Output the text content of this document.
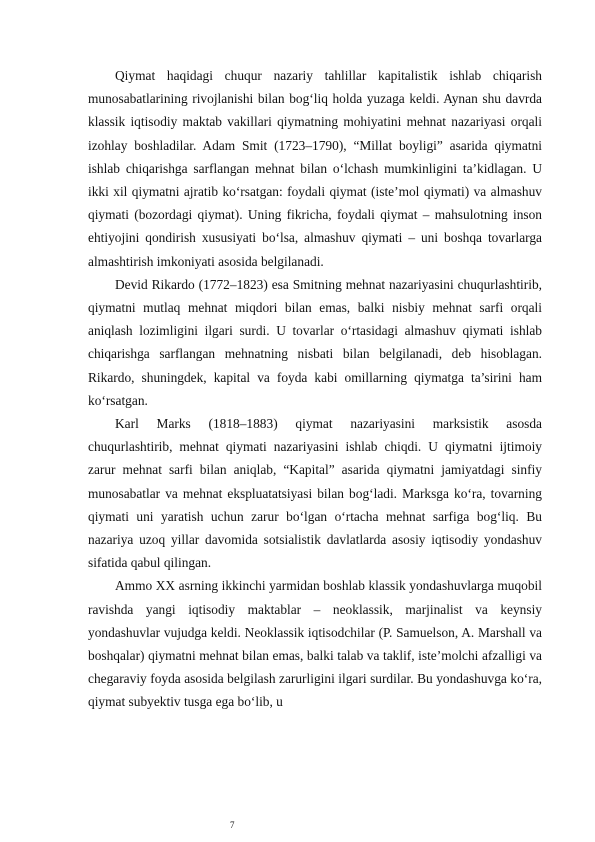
Qiymat haqidagi chuqur nazariy tahlillar kapitalistik ishlab chiqarish munosabatlarining rivojlanishi bilan bog‘liq holda yuzaga keldi. Aynan shu davrda klassik iqtisodiy maktab vakillari qiymatning mohiyatini mehnat nazariyasi orqali izohlay boshladilar. Adam Smit (1723–1790), “Millat boyligi” asarida qiymatni ishlab chiqarishga sarflangan mehnat bilan o‘lchash mumkinligini ta’kidlagan. U ikki xil qiymatni ajratib ko‘rsatgan: foydali qiymat (iste’mol qiymati) va almashuv qiymati (bozordagi qiymat). Uning fikricha, foydali qiymat – mahsulotning inson ehtiyojini qondirish xususiyati bo‘lsa, almashuv qiymati – uni boshqa tovarlarga almashtirish imkoniyati asosida belgilanadi.

Devid Rikardo (1772–1823) esa Smitning mehnat nazariyasini chuqurlashtirib, qiymatni mutlaq mehnat miqdori bilan emas, balki nisbiy mehnat sarfi orqali aniqlash lozimligini ilgari surdi. U tovarlar o‘rtasidagi almashuv qiymati ishlab chiqarishga sarflangan mehnatning nisbati bilan belgilanadi, deb hisoblagan. Rikardo, shuningdek, kapital va foyda kabi omillarning qiymatga ta’sirini ham ko‘rsatgan.

Karl Marks (1818–1883) qiymat nazariyasini marksistik asosda chuqurlashtirib, mehnat qiymati nazariyasini ishlab chiqdi. U qiymatni ijtimoiy zarur mehnat sarfi bilan aniqlab, “Kapital” asarida qiymatni jamiyatdagi sinfiy munosabatlar va mehnat ekspluatatsiyasi bilan bog‘ladi. Marksga ko‘ra, tovarning qiymati uni yaratish uchun zarur bo‘lgan o‘rtacha mehnat sarfiga bog‘liq. Bu nazariya uzoq yillar davomida sotsialistik davlatlarda asosiy iqtisodiy yondashuv sifatida qabul qilingan.

Ammo XX asrning ikkinchi yarmidan boshlab klassik yondashuvlarga muqobil ravishda yangi iqtisodiy maktablar – neoklassik, marjinalist va keynsiy yondashuvlar vujudga keldi. Neoklassik iqtisodchilar (P. Samuelson, A. Marshall va boshqalar) qiymatni mehnat bilan emas, balki talab va taklif, iste’molchi afzalligi va chegaraviy foyda asosida belgilash zarurligini ilgari surdilar. Bu yondashuvga ko‘ra, qiymat subyektiv tusga ega bo‘lib, u

7
